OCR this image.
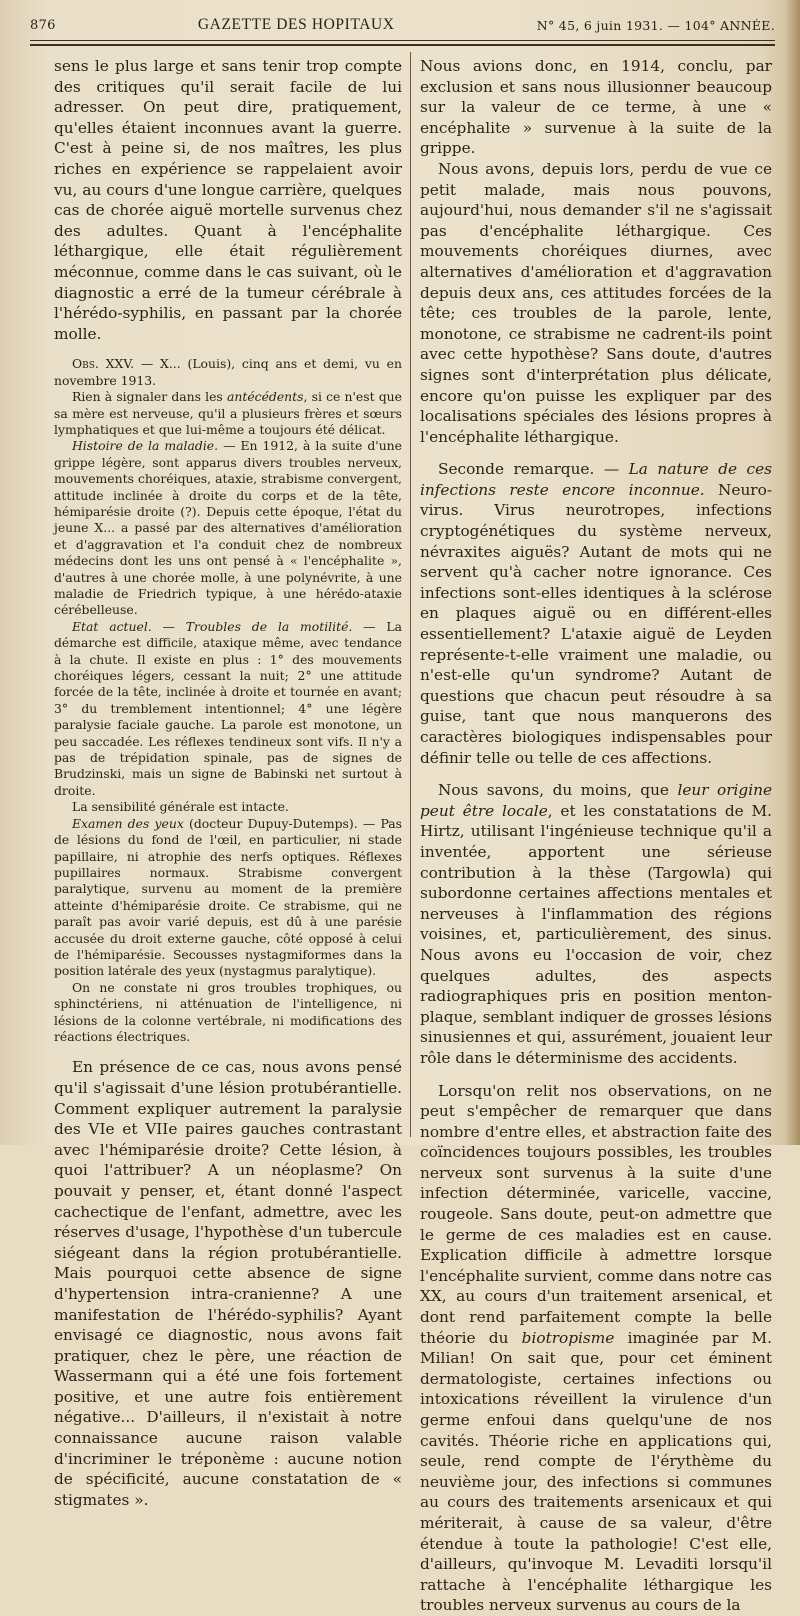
876	GAZETTE DES HOPITAUX	N° 45, 6 juin 1931. — 104° ANNÉE.

sens le plus large et sans tenir trop compte des critiques qu'il serait facile de lui adresser. On peut dire, pratiquement, qu'elles étaient inconnues avant la guerre. C'est à peine si, de nos maîtres, les plus riches en expérience se rappelaient avoir vu, au cours d'une longue carrière, quelques cas de chorée aiguë mortelle survenus chez des adultes. Quant à l'encéphalite léthargique, elle était régulièrement méconnue, comme dans le cas suivant, où le diagnostic a erré de la tumeur cérébrale à l'hérédo-syphilis, en passant par la chorée molle.

Obs. XXV. — X... (Louis), cinq ans et demi, vu en novembre 1913.

Rien à signaler dans les antécédents, si ce n'est que sa mère est nerveuse, qu'il a plusieurs frères et sœurs lymphatiques et que lui-même a toujours été délicat.

Histoire de la maladie. — En 1912, à la suite d'une grippe légère, sont apparus divers troubles nerveux, mouvements choréiques, ataxie, strabisme convergent, attitude inclinée à droite du corps et de la tête, hémiparésie droite (?). Depuis cette époque, l'état du jeune X... a passé par des alternatives d'amélioration et d'aggravation et l'a conduit chez de nombreux médecins dont les uns ont pensé à « l'encéphalite », d'autres à une chorée molle, à une polynévrite, à une maladie de Friedrich typique, à une hérédo-ataxie cérébelleuse.

Etat actuel. — Troubles de la motilité. — La démarche est difficile, ataxique même, avec tendance à la chute. Il existe en plus : 1° des mouvements choréiques légers, cessant la nuit; 2° une attitude forcée de la tête, inclinée à droite et tournée en avant; 3° du tremblement intentionnel; 4° une légère paralysie faciale gauche. La parole est monotone, un peu saccadée. Les réflexes tendineux sont vifs. Il n'y a pas de trépidation spinale, pas de signes de Brudzinski, mais un signe de Babinski net surtout à droite.

La sensibilité générale est intacte.

Examen des yeux (docteur Dupuy-Dutemps). — Pas de lésions du fond de l'œil, en particulier, ni stade papillaire, ni atrophie des nerfs optiques. Réflexes pupillaires normaux. Strabisme convergent paralytique, survenu au moment de la première atteinte d'hémiparésie droite. Ce strabisme, qui ne paraît pas avoir varié depuis, est dû à une parésie accusée du droit externe gauche, côté opposé à celui de l'hémiparésie. Secousses nystagmiformes dans la position latérale des yeux (nystagmus paralytique).

On ne constate ni gros troubles trophiques, ou sphinctériens, ni atténuation de l'intelligence, ni lésions de la colonne vertébrale, ni modifications des réactions électriques.

En présence de ce cas, nous avons pensé qu'il s'agissait d'une lésion protubérantielle. Comment expliquer autrement la paralysie des VIe et VIIe paires gauches contrastant avec l'hémiparésie droite? Cette lésion, à quoi l'attribuer? A un néoplasme? On pouvait y penser, et, étant donné l'aspect cachectique de l'enfant, admettre, avec les réserves d'usage, l'hypothèse d'un tubercule siégeant dans la région protubérantielle. Mais pourquoi cette absence de signe d'hypertension intra-cranienne? A une manifestation de l'hérédo-syphilis? Ayant envisagé ce diagnostic, nous avons fait pratiquer, chez le père, une réaction de Wassermann qui a été une fois fortement positive, et une autre fois entièrement négative... D'ailleurs, il n'existait à notre connaissance aucune raison valable d'incriminer le tréponème : aucune notion de spécificité, aucune constatation de « stigmates ».

Nous avions donc, en 1914, conclu, par exclusion et sans nous illusionner beaucoup sur la valeur de ce terme, à une « encéphalite » survenue à la suite de la grippe.

Nous avons, depuis lors, perdu de vue ce petit malade, mais nous pouvons, aujourd'hui, nous demander s'il ne s'agissait pas d'encéphalite léthargique. Ces mouvements choréiques diurnes, avec alternatives d'amélioration et d'aggravation depuis deux ans, ces attitudes forcées de la tête; ces troubles de la parole, lente, monotone, ce strabisme ne cadrent-ils point avec cette hypothèse? Sans doute, d'autres signes sont d'interprétation plus délicate, encore qu'on puisse les expliquer par des localisations spéciales des lésions propres à l'encéphalite léthargique.

Seconde remarque. — La nature de ces infections reste encore inconnue. Neuro-virus. Virus neurotropes, infections cryptogénétiques du système nerveux, névraxites aiguës? Autant de mots qui ne servent qu'à cacher notre ignorance. Ces infections sont-elles identiques à la sclérose en plaques aiguë ou en différent-elles essentiellement? L'ataxie aiguë de Leyden représente-t-elle vraiment une maladie, ou n'est-elle qu'un syndrome? Autant de questions que chacun peut résoudre à sa guise, tant que nous manquerons des caractères biologiques indispensables pour définir telle ou telle de ces affections.

Nous savons, du moins, que leur origine peut être locale, et les constatations de M. Hirtz, utilisant l'ingénieuse technique qu'il a inventée, apportent une sérieuse contribution à la thèse (Targowla) qui subordonne certaines affections mentales et nerveuses à l'inflammation des régions voisines, et, particulièrement, des sinus. Nous avons eu l'occasion de voir, chez quelques adultes, des aspects radiographiques pris en position menton-plaque, semblant indiquer de grosses lésions sinusiennes et qui, assurément, jouaient leur rôle dans le déterminisme des accidents.

Lorsqu'on relit nos observations, on ne peut s'empêcher de remarquer que dans nombre d'entre elles, et abstraction faite des coïncidences toujours possibles, les troubles nerveux sont survenus à la suite d'une infection déterminée, varicelle, vaccine, rougeole. Sans doute, peut-on admettre que le germe de ces maladies est en cause. Explication difficile à admettre lorsque l'encéphalite survient, comme dans notre cas XX, au cours d'un traitement arsenical, et dont rend parfaitement compte la belle théorie du biotropisme imaginée par M. Milian! On sait que, pour cet éminent dermatologiste, certaines infections ou intoxications réveillent la virulence d'un germe enfoui dans quelqu'une de nos cavités. Théorie riche en applications qui, seule, rend compte de l'érythème du neuvième jour, des infections si communes au cours des traitements arsenicaux et qui mériterait, à cause de sa valeur, d'être étendue à toute la pathologie! C'est elle, d'ailleurs, qu'invoque M. Levaditi lorsqu'il rattache à l'encéphalite léthargique les troubles nerveux survenus au cours de la
